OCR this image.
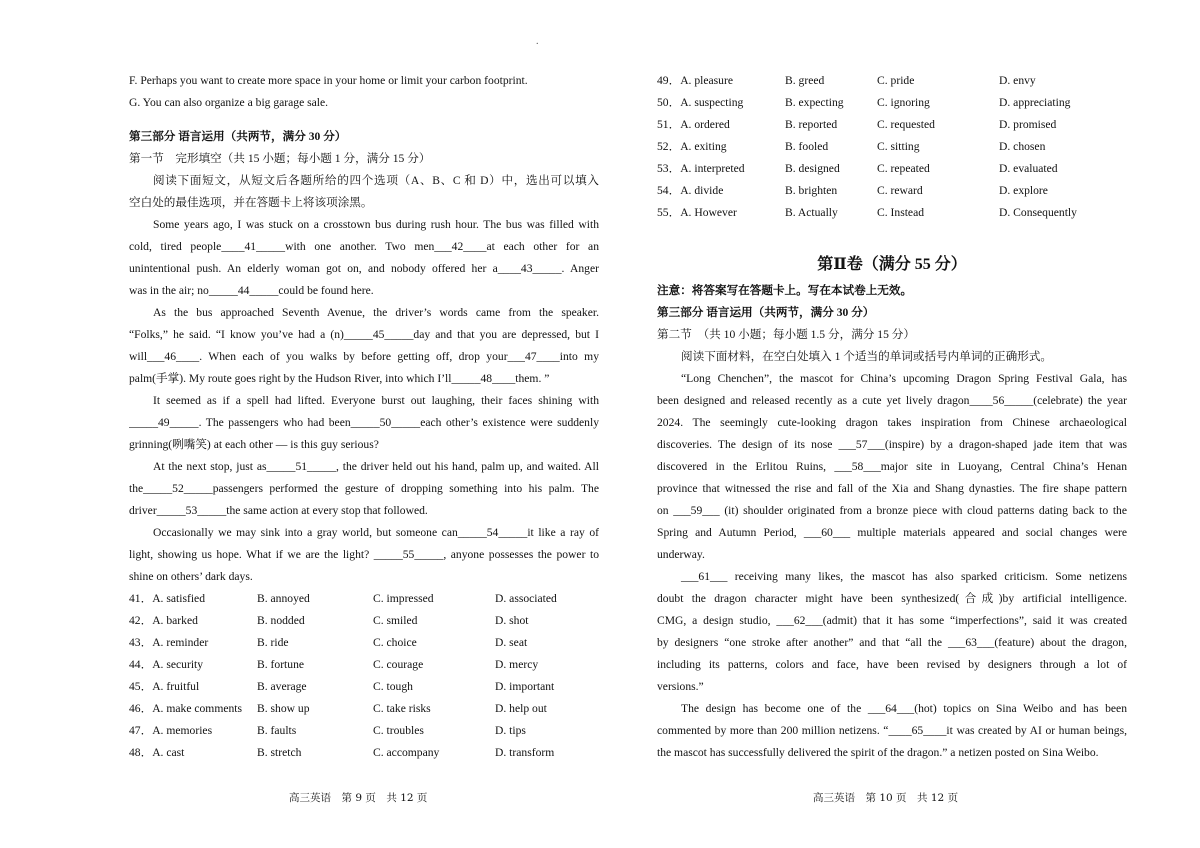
.
F. Perhaps you want to create more space in your home or limit your carbon footprint.
G. You can also organize a big garage sale.
第三部分 语言运用（共两节，满分 30 分）
第一节　完形填空（共 15 小题；每小题 1 分，满分 15 分）
阅读下面短文，从短文后各题所给的四个选项（A、B、C 和 D）中，选出可以填入
空白处的最佳选项，并在答题卡上将该项涂黑。
Some years ago, I was stuck on a crosstown bus during rush hour. The bus was filled with
cold, tired people____41_____with one another. Two men___42____at each other for an
unintentional push. An elderly woman got on, and nobody offered her a____43_____. Anger
was in the air; no_____44_____could be found here.
As the bus approached Seventh Avenue, the driver’s words came from the speaker.
“Folks,” he said. “I know you’ve had a (n)_____45_____day and that you are depressed, but I
will___46____. When each of you walks by before getting off, drop your___47____into my
palm(手掌). My route goes right by the Hudson River, into which I’ll_____48____them. ”
It seemed as if a spell had lifted. Everyone burst out laughing, their faces shining with
_____49_____. The passengers who had been_____50_____each other’s existence were suddenly
grinning(咧嘴笑) at each other — is this guy serious?
At the next stop, just as_____51_____, the driver held out his hand, palm up, and waited. All
the_____52_____passengers performed the gesture of dropping something into his palm. The
driver_____53_____the same action at every stop that followed.
Occasionally we may sink into a gray world, but someone can_____54_____it like a ray of
light, showing us hope. What if we are the light? _____55_____, anyone possesses the power to
shine on others’ dark days.
41．A. satisfied	B. annoyed	C. impressed	D. associated
42．A. barked	B. nodded	C. smiled	D. shot
43．A. reminder	B. ride	C. choice	D. seat
44．A. security	B. fortune	C. courage	D. mercy
45．A. fruitful	B. average	C. tough	D. important
46．A. make comments	B. show up	C. take risks	D. help out
47．A. memories	B. faults	C. troubles	D. tips
48．A. cast	B. stretch	C. accompany	D. transform
49．A. pleasure	B. greed	C. pride	D. envy
50．A. suspecting	B. expecting	C. ignoring	D. appreciating
51．A. ordered	B. reported	C. requested	D. promised
52．A. exiting	B. fooled	C. sitting	D. chosen
53．A. interpreted	B. designed	C. repeated	D. evaluated
54．A. divide	B. brighten	C. reward	D. explore
55．A. However	B. Actually	C. Instead	D. Consequently
第Ⅱ卷（满分 55 分）
注意：将答案写在答题卡上。写在本试卷上无效。
第三部分 语言运用（共两节，满分 30 分）
第二节　（共 10 小题；每小题 1.5 分，满分 15 分）
阅读下面材料，在空白处填入 1 个适当的单词或括号内单词的正确形式。
“Long Chenchen”, the mascot for China’s upcoming Dragon Spring Festival Gala, has
been designed and released recently as a cute yet lively dragon____56_____(celebrate) the year
2024. The seemingly cute-looking dragon takes inspiration from Chinese archaeological
discoveries. The design of its nose ___57___(inspire) by a dragon-shaped jade item that was
discovered in the Erlitou Ruins, ___58___major site in Luoyang, Central China’s Henan
province that witnessed the rise and fall of the Xia and Shang dynasties. The fire shape pattern
on ___59___ (it) shoulder originated from a bronze piece with cloud patterns dating back to the
Spring and Autumn Period, ___60___ multiple materials appeared and social changes were
underway.
___61___ receiving many likes, the mascot has also sparked criticism. Some netizens
doubt the dragon character might have been synthesized(合成)by artificial intelligence.
CMG, a design studio, ___62___(admit) that it has some “imperfections”, said it was created
by designers “one stroke after another” and that “all the ___63___(feature) about the dragon,
including its patterns, colors and face, have been revised by designers through a lot of
versions.”
The design has become one of the ___64___(hot) topics on Sina Weibo and has been
commented by more than 200 million netizens. “____65____it was created by AI or human beings,
the mascot has successfully delivered the spirit of the dragon.” a netizen posted on Sina Weibo.
高三英语　第 9 页　共 12 页	高三英语　第 10 页　共 12 页
